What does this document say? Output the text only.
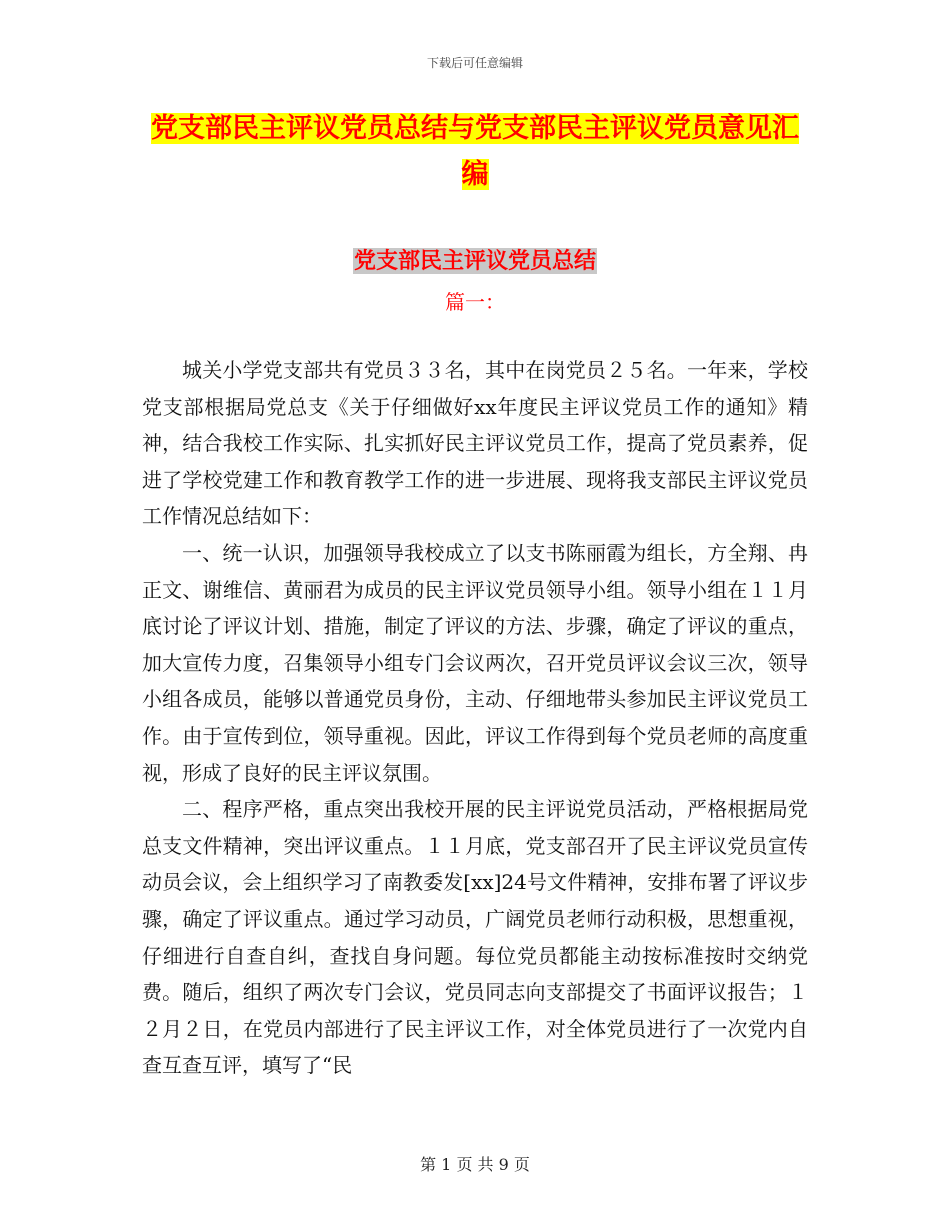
下载后可任意编辑
党支部民主评议党员总结与党支部民主评议党员意见汇编
党支部民主评议党员总结
篇一：

城关小学党支部共有党员３３名，其中在岗党员２５名。一年来，学校党支部根据局党总支《关于仔细做好xx年度民主评议党员工作的通知》精神，结合我校工作实际、扎实抓好民主评议党员工作，提高了党员素养，促进了学校党建工作和教育教学工作的进一步进展、现将我支部民主评议党员工作情况总结如下：

一、统一认识，加强领导我校成立了以支书陈丽霞为组长，方全翔、冉正文、谢维信、黄丽君为成员的民主评议党员领导小组。领导小组在１１月底讨论了评议计划、措施，制定了评议的方法、步骤，确定了评议的重点，加大宣传力度，召集领导小组专门会议两次，召开党员评议会议三次，领导小组各成员，能够以普通党员身份，主动、仔细地带头参加民主评议党员工作。由于宣传到位，领导重视。因此，评议工作得到每个党员老师的高度重视，形成了良好的民主评议氛围。

二、程序严格，重点突出我校开展的民主评说党员活动，严格根据局党总支文件精神，突出评议重点。１１月底，党支部召开了民主评议党员宣传动员会议，会上组织学习了南教委发[xx]24号文件精神，安排布署了评议步骤，确定了评议重点。通过学习动员，广阔党员老师行动积极，思想重视，仔细进行自查自纠，查找自身问题。每位党员都能主动按标准按时交纳党费。随后，组织了两次专门会议，党员同志向支部提交了书面评议报告；１２月２日，在党员内部进行了民主评议工作，对全体党员进行了一次党内自查互查互评，填写了“民

第 1 页 共 9 页
